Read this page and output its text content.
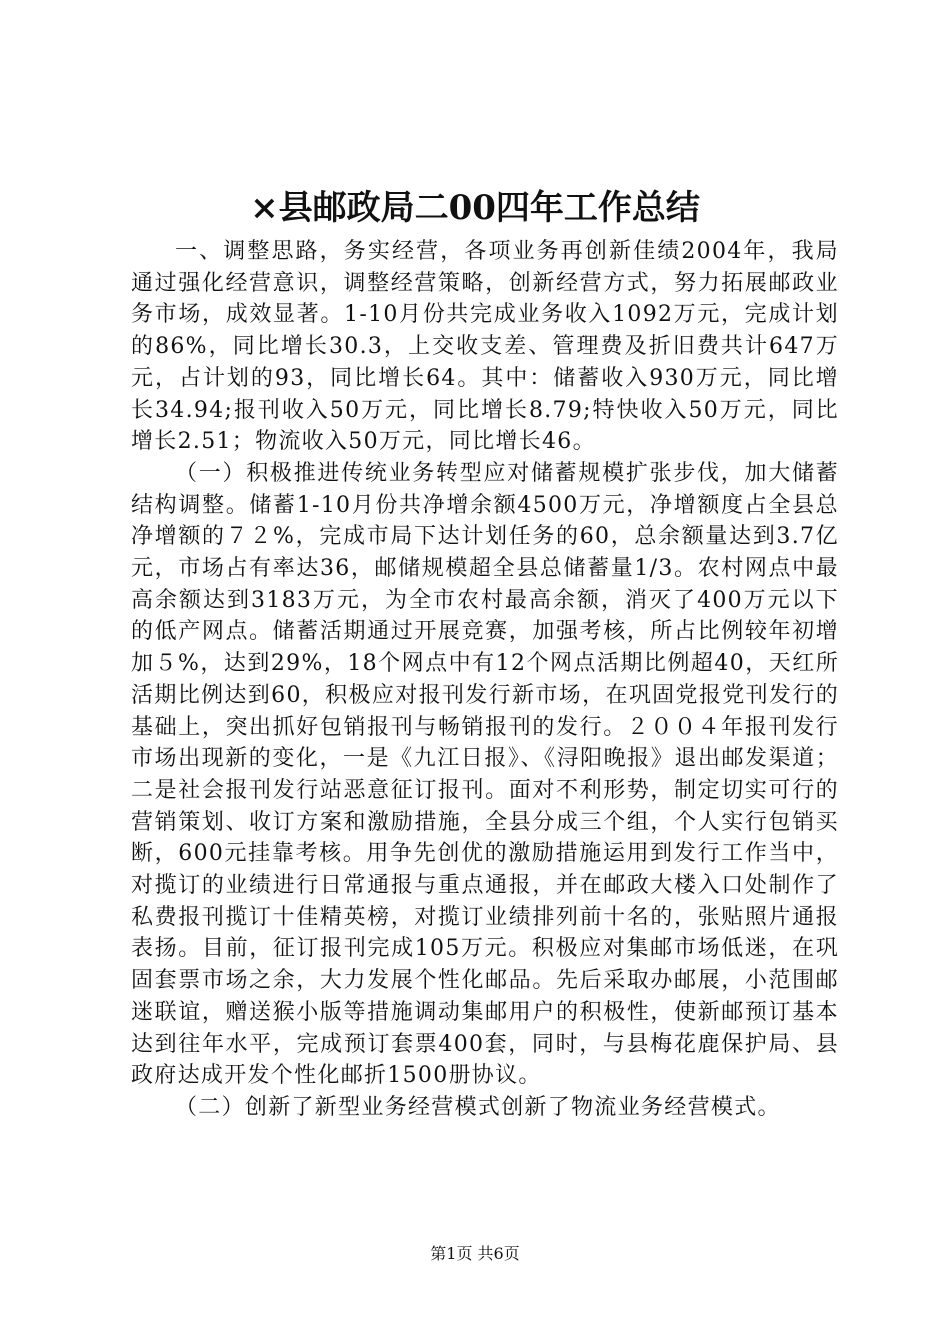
×县邮政局二00四年工作总结

一、调整思路，务实经营，各项业务再创新佳绩2004年，我局通过强化经营意识，调整经营策略，创新经营方式，努力拓展邮政业务市场，成效显著。1-10月份共完成业务收入1092万元，完成计划的86%，同比增长30.3，上交收支差、管理费及折旧费共计647万元，占计划的93，同比增长64。其中：储蓄收入930万元，同比增长34.94;报刊收入50万元，同比增长8.79;特快收入50万元，同比增长2.51；物流收入50万元，同比增长46。

（一）积极推进传统业务转型应对储蓄规模扩张步伐，加大储蓄结构调整。储蓄1-10月份共净增余额4500万元，净增额度占全县总净增额的７２%，完成市局下达计划任务的60，总余额量达到3.7亿元，市场占有率达36，邮储规模超全县总储蓄量1/3。农村网点中最高余额达到3183万元，为全市农村最高余额，消灭了400万元以下的低产网点。储蓄活期通过开展竞赛，加强考核，所占比例较年初增加５%，达到29%，18个网点中有12个网点活期比例超40，天红所活期比例达到60，积极应对报刊发行新市场，在巩固党报党刊发行的基础上，突出抓好包销报刊与畅销报刊的发行。２００４年报刊发行市场出现新的变化，一是《九江日报》、《浔阳晚报》退出邮发渠道；二是社会报刊发行站恶意征订报刊。面对不利形势，制定切实可行的营销策划、收订方案和激励措施，全县分成三个组，个人实行包销买断，600元挂靠考核。用争先创优的激励措施运用到发行工作当中，对揽订的业绩进行日常通报与重点通报，并在邮政大楼入口处制作了私费报刊揽订十佳精英榜，对揽订业绩排列前十名的，张贴照片通报表扬。目前，征订报刊完成105万元。积极应对集邮市场低迷，在巩固套票市场之余，大力发展个性化邮品。先后采取办邮展，小范围邮迷联谊，赠送猴小版等措施调动集邮用户的积极性，使新邮预订基本达到往年水平，完成预订套票400套，同时，与县梅花鹿保护局、县政府达成开发个性化邮折1500册协议。

（二）创新了新型业务经营模式创新了物流业务经营模式。

第1页 共6页
